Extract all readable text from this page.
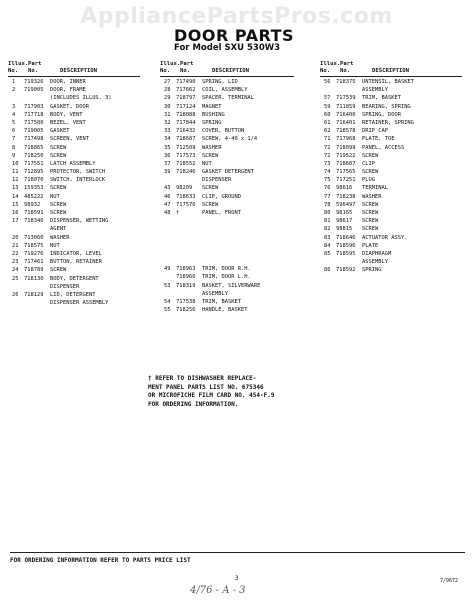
AppliancePartsPros.com
DOOR PARTS
For Model SXU 530W3
Illus. Part
No. No.	DESCRIPTION
1 719326 DOOR, INNER
2 719005 DOOR, FRAME
(INCLUDES ILLUS. 3)
3 717903 GASKET, DOOR
4 717718 BODY, VENT
5 717500 BEZEL, VENT
6 719005 GASKET
7 717498 SCREEN, VENT
8 718865 SCREW
9 718250 SCREW
10 717551 LATCH ASSEMBLY
11 712895 PROTECTOR, SWITCH
12 718070 SWITCH, INTERLOCK
13 159353 SCREW
14 485222 NUT
15 98932 SCREW
16 718591 SCREW
17 718346 DISPENSER, WETTING
AGENT
20 713060 WASHER
21 718575 NUT
22 719276 INDICATOR, LEVEL
23 717461 BUTTON, RETAINER
24 718789 SCREW
25 718130 BODY, DETERGENT
DISPENSER
26 718129 LID, DETERGENT
DISPENSER ASSEMBLY
Illus. Part
No. No.	DESCRIPTION
27 717490 SPRING, LID
28 717662 COIL, ASSEMBLY
29 718797 SPACER, TERMINAL
30 717124 MAGNET
31 718088 BUSHING
32 717844 SPRING
33 716432 COVER, BUTTON
34 718687 SCREW, 4-40 x 1/4
35 712509 WASHER
36 717573 SCREW
37 718552 NUT
39 718246 GASKET DETERGENT
DISPENSER
43 98209 SCREW
46 718633 CLIP, GROUND
47 717576 SCREW
48 †	PANEL, FRONT
49 718963 TRIM, DOOR R.H.
718966 TRIM, DOOR L.H.
53 718319 BASKET, SILVERWARE
ASSEMBLY
54 717538 TRIM, BASKET
55 718256 HANDLE, BASKET
Illus. Part
No. No.	DESCRIPTION
56 718375 UNTENSIL, BASKET
ASSEMBLY
57 717539 TRIM, BASKET
59 711859 BEARING, SPRING
60 716400 SPRING, DOOR
61 716401 RETAINER, SPRING
62 718578 DRIP CAP
71 717968 PLATE, TOE
72 718099 PANEL, ACCESS
72 719522 SCREW
73 718607 CLIP
74 717565 SCREW
75 717251 PLUG
76 98616 TERMINAL
77 718238 WASHER
78 596497 SCREW
80 98165 SCREW
81 98617 SCREW
82 98815 SCREW
83 718646 ACTUATOR ASSY.
84 718596 PLATE
85 718595 DIAPHRAGM
ASSEMBLY
86 718592 SPRING
† REFER TO DISHWASHER REPLACE-
MENT PANEL PARTS LIST NO. 675346
OR MICROFICHE FILM CARD NO. 454-F.9
FOR ORDERING INFORMATION.
FOR ORDERING INFORMATION REFER TO PARTS PRICE LIST
3	7/9672
4/76 - A - 3
